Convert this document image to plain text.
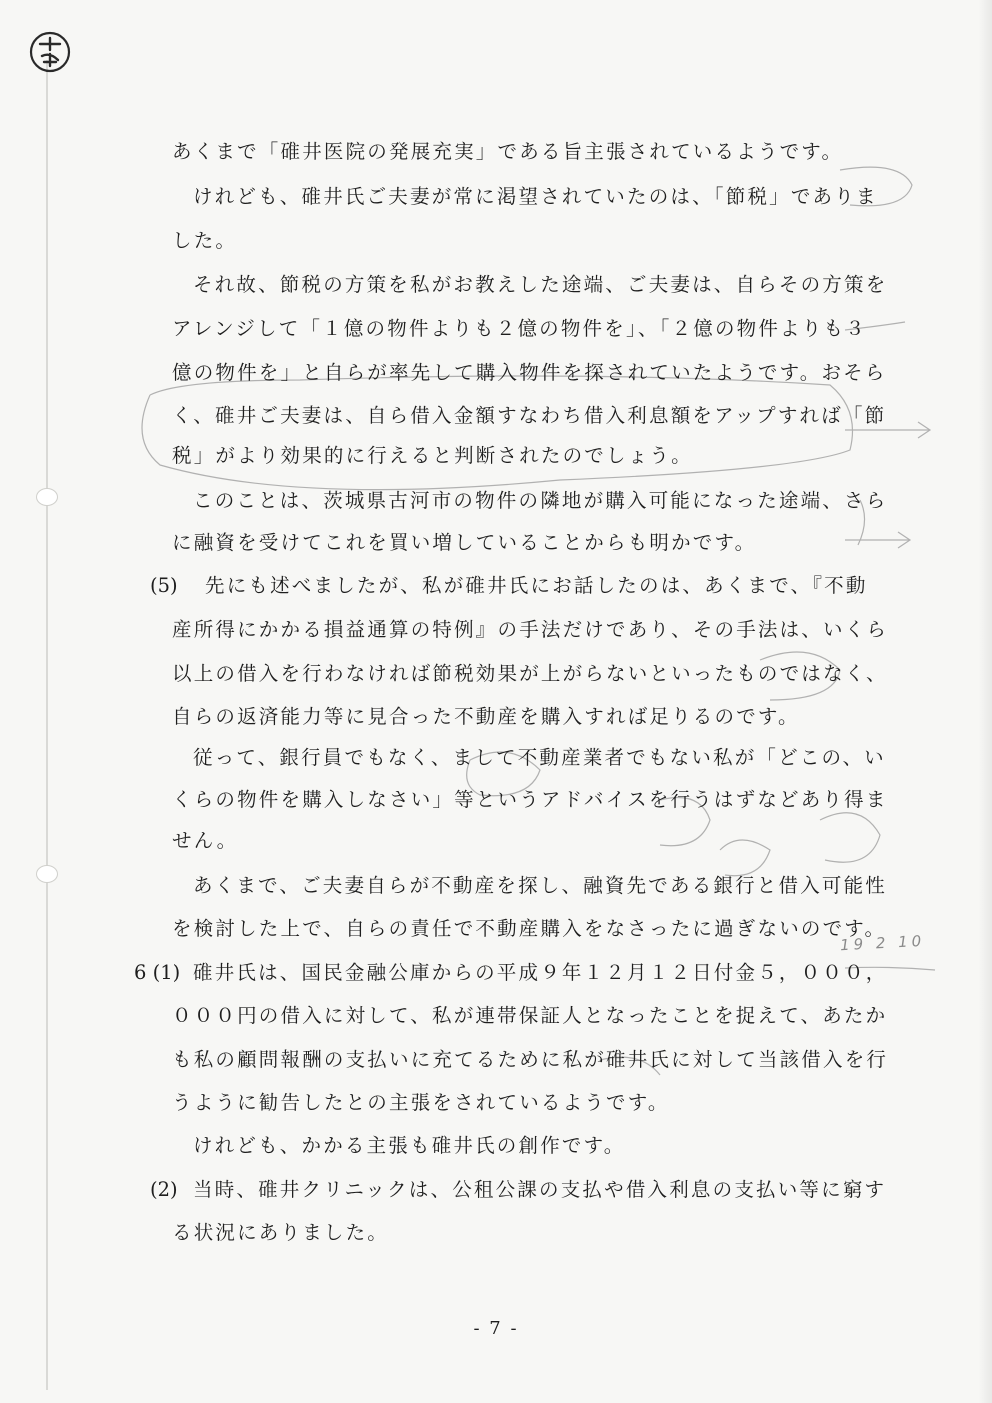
(5)
6 (1)
(2)
あくまで「碓井医院の発展充実」である旨主張されているようです。
けれども、碓井氏ご夫妻が常に渇望されていたのは、「節税」でありま
した。
それ故、節税の方策を私がお教えした途端、ご夫妻は、自らその方策を
アレンジして「１億の物件よりも２億の物件を」、「２億の物件よりも３
億の物件を」と自らが率先して購入物件を探されていたようです。おそら
く、碓井ご夫妻は、自ら借入金額すなわち借入利息額をアップすれば「節
税」がより効果的に行えると判断されたのでしょう。
このことは、茨城県古河市の物件の隣地が購入可能になった途端、さら
に融資を受けてこれを買い増していることからも明かです。
先にも述べましたが、私が碓井氏にお話したのは、あくまで、『不動
産所得にかかる損益通算の特例』の手法だけであり、その手法は、いくら
以上の借入を行わなければ節税効果が上がらないといったものではなく、
自らの返済能力等に見合った不動産を購入すれば足りるのです。
従って、銀行員でもなく、まして不動産業者でもない私が「どこの、い
くらの物件を購入しなさい」等というアドバイスを行うはずなどあり得ま
せん。
あくまで、ご夫妻自らが不動産を探し、融資先である銀行と借入可能性
を検討した上で、自らの責任で不動産購入をなさったに過ぎないのです。
碓井氏は、国民金融公庫からの平成９年１２月１２日付金５，０００，
０００円の借入に対して、私が連帯保証人となったことを捉えて、あたか
も私の顧問報酬の支払いに充てるために私が碓井氏に対して当該借入を行
うように勧告したとの主張をされているようです。
けれども、かかる主張も碓井氏の創作です。
当時、碓井クリニックは、公租公課の支払や借入利息の支払い等に窮す
る状況にありました。
19 2 10
- 7 -
